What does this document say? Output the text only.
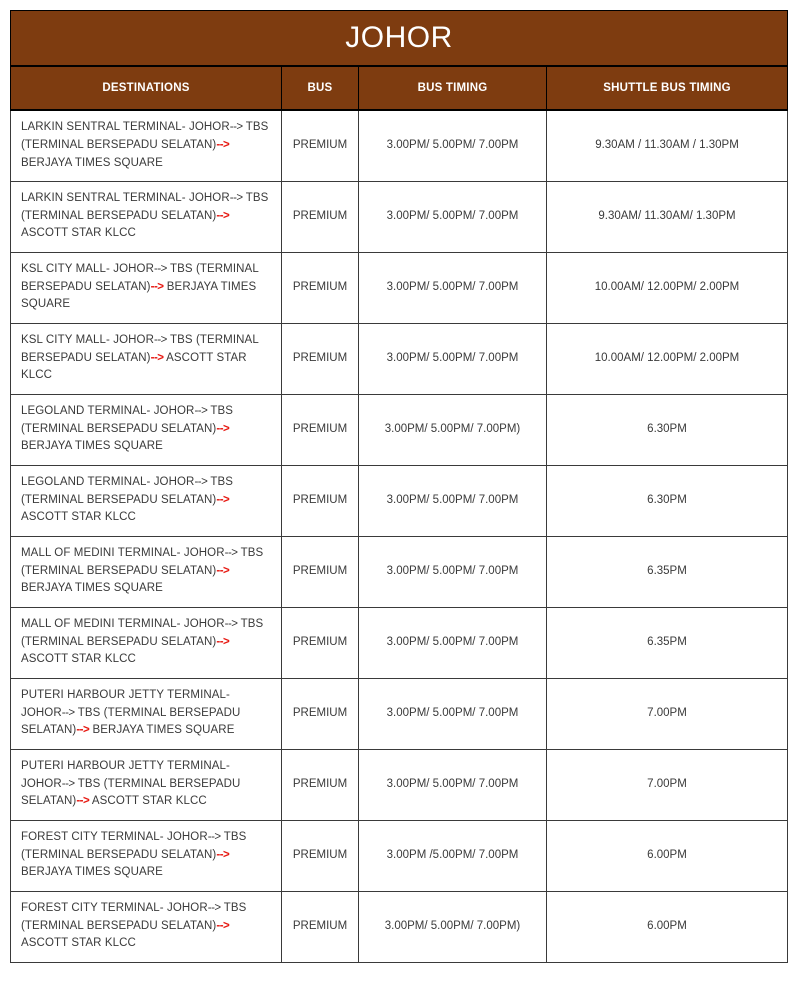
JOHOR			
DESTINATIONS	BUS	BUS TIMING	SHUTTLE BUS TIMING
LARKIN SENTRAL TERMINAL- JOHOR--> TBS (TERMINAL BERSEPADU SELATAN)--> BERJAYA TIMES SQUARE	PREMIUM	3.00PM/ 5.00PM/ 7.00PM	9.30AM / 11.30AM / 1.30PM
LARKIN SENTRAL TERMINAL- JOHOR--> TBS (TERMINAL BERSEPADU SELATAN)--> ASCOTT STAR KLCC	PREMIUM	3.00PM/ 5.00PM/ 7.00PM	9.30AM/ 11.30AM/ 1.30PM
KSL CITY MALL- JOHOR--> TBS (TERMINAL BERSEPADU SELATAN)--> BERJAYA TIMES SQUARE	PREMIUM	3.00PM/ 5.00PM/ 7.00PM	10.00AM/ 12.00PM/ 2.00PM
KSL CITY MALL- JOHOR--> TBS (TERMINAL BERSEPADU SELATAN)--> ASCOTT STAR KLCC	PREMIUM	3.00PM/ 5.00PM/ 7.00PM	10.00AM/ 12.00PM/ 2.00PM
LEGOLAND TERMINAL- JOHOR--> TBS (TERMINAL BERSEPADU SELATAN)--> BERJAYA TIMES SQUARE	PREMIUM	3.00PM/ 5.00PM/ 7.00PM)	6.30PM
LEGOLAND TERMINAL- JOHOR--> TBS (TERMINAL BERSEPADU SELATAN)--> ASCOTT STAR KLCC	PREMIUM	3.00PM/ 5.00PM/ 7.00PM	6.30PM
MALL OF MEDINI TERMINAL- JOHOR--> TBS (TERMINAL BERSEPADU SELATAN)--> BERJAYA TIMES SQUARE	PREMIUM	3.00PM/ 5.00PM/ 7.00PM	6.35PM
MALL OF MEDINI TERMINAL- JOHOR--> TBS (TERMINAL BERSEPADU SELATAN)--> ASCOTT STAR KLCC	PREMIUM	3.00PM/ 5.00PM/ 7.00PM	6.35PM
PUTERI HARBOUR JETTY TERMINAL- JOHOR--> TBS (TERMINAL BERSEPADU SELATAN)--> BERJAYA TIMES SQUARE	PREMIUM	3.00PM/ 5.00PM/ 7.00PM	7.00PM
PUTERI HARBOUR JETTY TERMINAL- JOHOR--> TBS (TERMINAL BERSEPADU SELATAN)--> ASCOTT STAR KLCC	PREMIUM	3.00PM/ 5.00PM/ 7.00PM	7.00PM
FOREST CITY TERMINAL- JOHOR--> TBS (TERMINAL BERSEPADU SELATAN)--> BERJAYA TIMES SQUARE	PREMIUM	3.00PM /5.00PM/ 7.00PM	6.00PM
FOREST CITY TERMINAL- JOHOR--> TBS (TERMINAL BERSEPADU SELATAN)--> ASCOTT STAR KLCC	PREMIUM	3.00PM/ 5.00PM/ 7.00PM)	6.00PM
